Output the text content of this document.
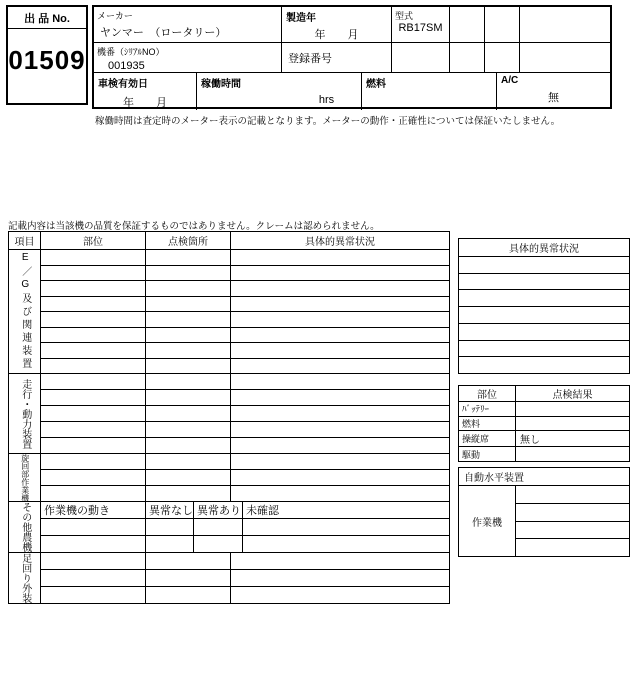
出 品 No.
01509
メーカー
ヤンマー　（ロータリー）
製造年
年　　月
型式
RB17SM
機番（ｼﾘｱﾙNO）
001935
登録番号
車検有効日
年　　月
稼働時間
hrs
燃料	A/C
無
稼働時間は査定時のメーター表示の記載となります。メーターの動作・正確性については保証いたしません。
記載内容は当該機の品質を保証するものではありません。クレームは認められません。
項目	部位	点検箇所	具体的異常状況
E／G及び関連装置
走行・動力装置
旋回部作業機
その他農機 作業機の動き	異常なし 異常あり 未確認
足回り外装
具体的異常状況
部位	点検結果
ﾊﾞｯﾃﾘｰ
燃料
操縦席	無し
駆動
自動水平装置
作業機
